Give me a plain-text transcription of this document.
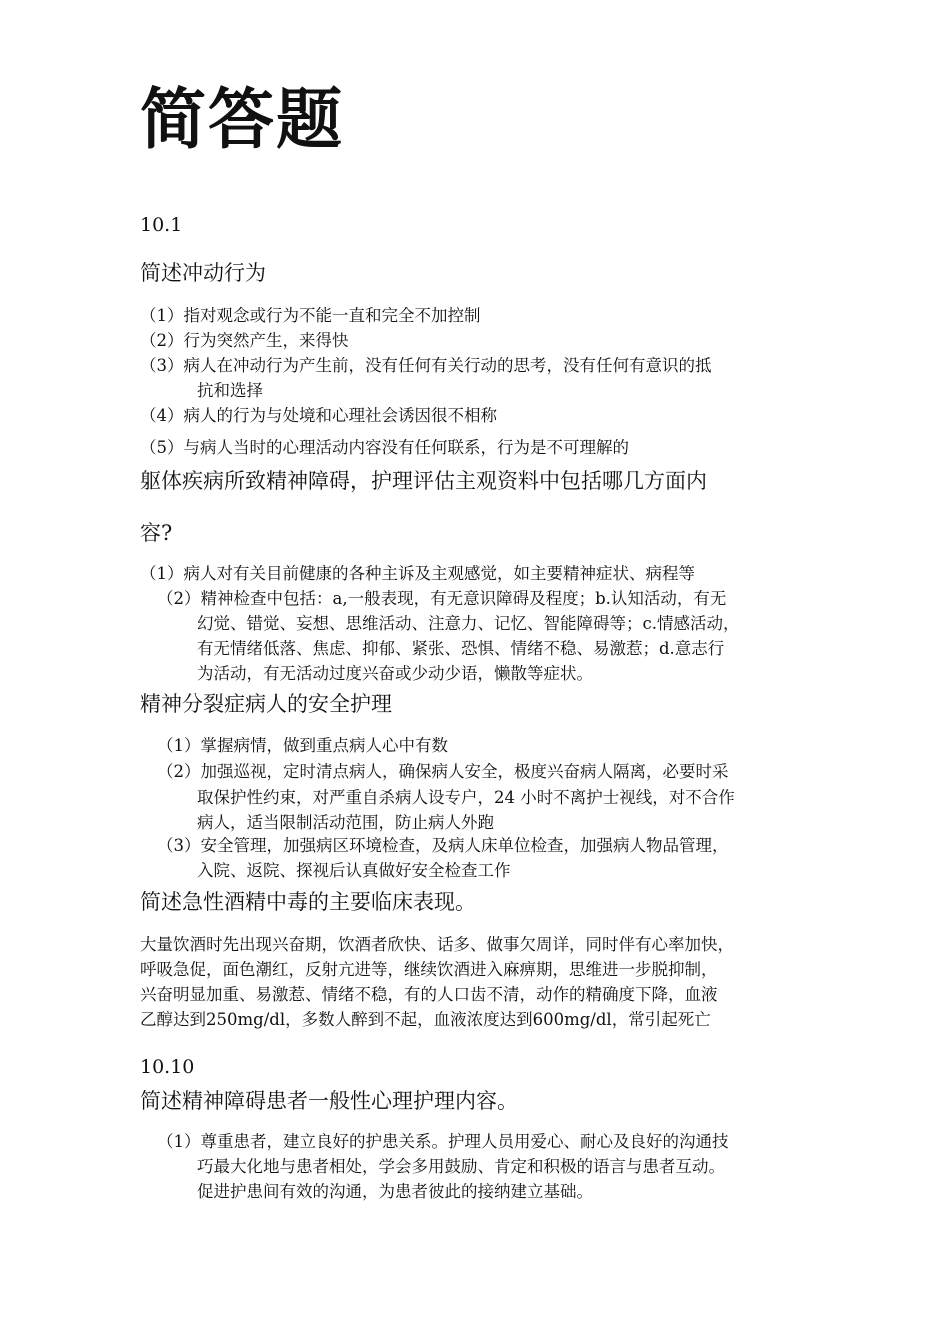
简答题

10.1

简述冲动行为

（1）指对观念或行为不能一直和完全不加控制

（2）行为突然产生，来得快

（3）病人在冲动行为产生前，没有任何有关行动的思考，没有任何有意识的抵

抗和选择

（4）病人的行为与处境和心理社会诱因很不相称

（5）与病人当时的心理活动内容没有任何联系，行为是不可理解的

躯体疾病所致精神障碍，护理评估主观资料中包括哪几方面内
容?

（1）病人对有关目前健康的各种主诉及主观感觉，如主要精神症状、病程等

（2）精神检查中包括：a,一般表现，有无意识障碍及程度；b.认知活动，有无

幻觉、错觉、妄想、思维活动、注意力、记忆、智能障碍等；c.情感活动，

有无情绪低落、焦虑、抑郁、紧张、恐惧、情绪不稳、易激惹；d.意志行

为活动，有无活动过度兴奋或少动少语，懒散等症状。

精神分裂症病人的安全护理

（1）掌握病情，做到重点病人心中有数

（2）加强巡视，定时清点病人，确保病人安全，极度兴奋病人隔离，必要时采

取保护性约束，对严重自杀病人设专户，24 小时不离护士视线，对不合作

病人，适当限制活动范围，防止病人外跑

（3）安全管理，加强病区环境检查，及病人床单位检查，加强病人物品管理，

入院、返院、探视后认真做好安全检查工作

简述急性酒精中毒的主要临床表现。

大量饮酒时先出现兴奋期，饮酒者欣快、话多、做事欠周详，同时伴有心率加快，

呼吸急促，面色潮红，反射亢进等，继续饮酒进入麻痹期，思维进一步脱抑制，

兴奋明显加重、易激惹、情绪不稳，有的人口齿不清，动作的精确度下降，血液

乙醇达到250mg/dl，多数人醉到不起，血液浓度达到600mg/dl，常引起死亡

10.10

简述精神障碍患者一般性心理护理内容。

（1）尊重患者，建立良好的护患关系。护理人员用爱心、耐心及良好的沟通技

巧最大化地与患者相处，学会多用鼓励、肯定和积极的语言与患者互动。

促进护患间有效的沟通，为患者彼此的接纳建立基础。
